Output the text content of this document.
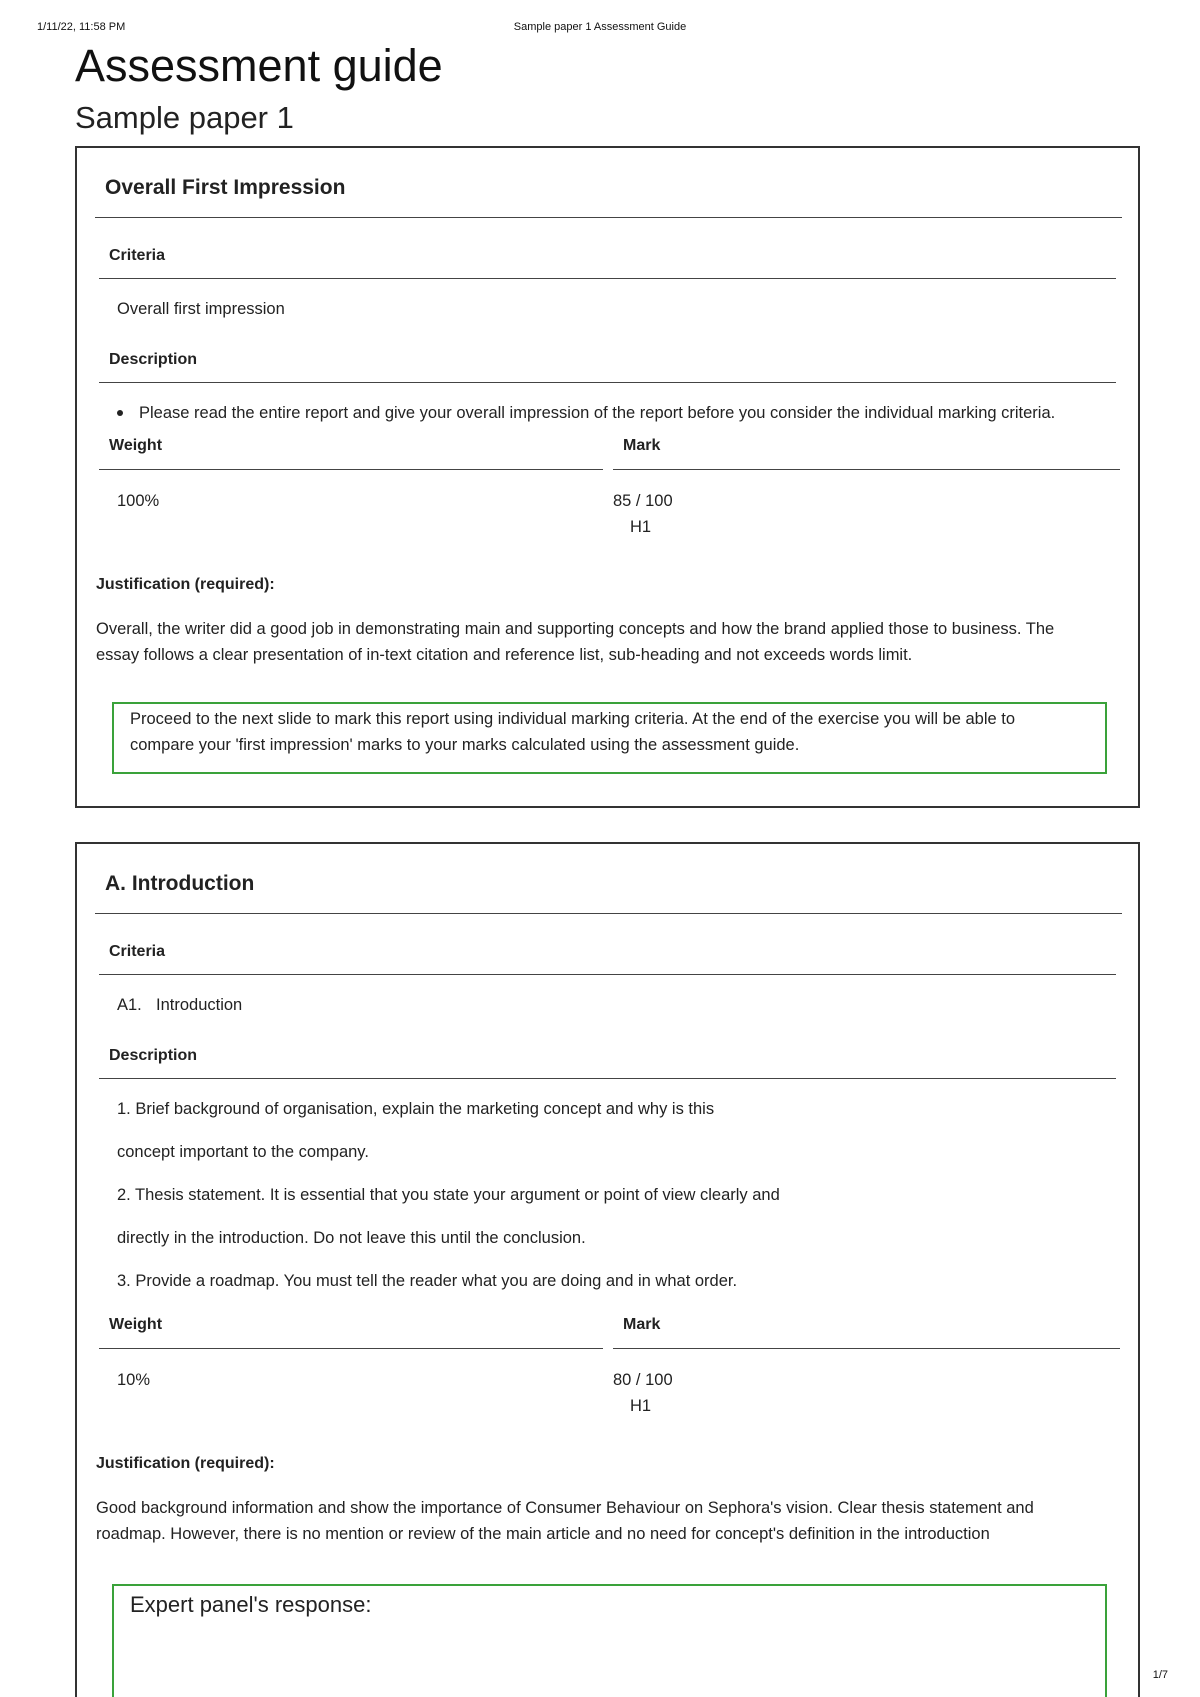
1/11/22, 11:58 PM	Sample paper 1 Assessment Guide
1/7
Assessment guide
Sample paper 1
Overall First Impression
Criteria
Overall first impression
Description
Please read the entire report and give your overall impression of the report before you consider the individual marking criteria.
Weight	Mark
100%	85 / 100
H1
Justification (required):
Overall, the writer did a good job in demonstrating main and supporting concepts and how the brand applied those to business. The
essay follows a clear presentation of in-text citation and reference list, sub-heading and not exceeds words limit.
Proceed to the next slide to mark this report using individual marking criteria. At the end of the exercise you will be able to
compare your 'first impression' marks to your marks calculated using the assessment guide.
A. Introduction
Criteria
A1. Introduction
Description
1. Brief background of organisation, explain the marketing concept and why is this
concept important to the company.
2. Thesis statement. It is essential that you state your argument or point of view clearly and
directly in the introduction. Do not leave this until the conclusion.
3. Provide a roadmap. You must tell the reader what you are doing and in what order.
Weight	Mark
10%	80 / 100
H1
Justification (required):
Good background information and show the importance of Consumer Behaviour on Sephora's vision. Clear thesis statement and
roadmap. However, there is no mention or review of the main article and no need for concept's definition in the introduction
Expert panel's response:
